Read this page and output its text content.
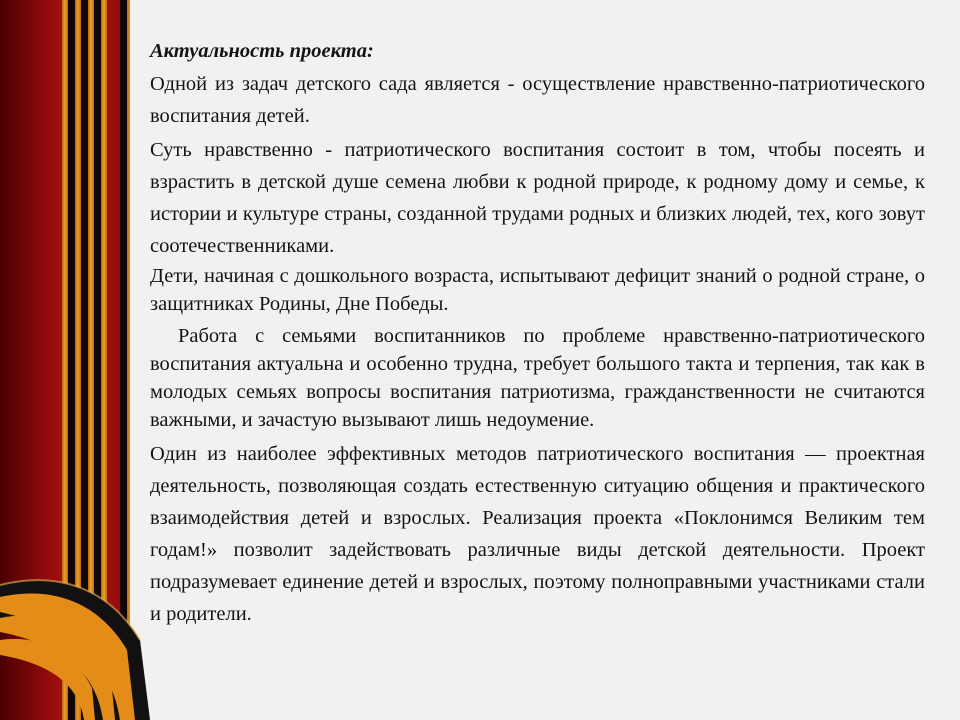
Актуальность проекта:

Одной из задач детского сада является - осуществление нравственно-патриотического воспитания детей.

Суть нравственно - патриотического воспитания состоит в том, чтобы посеять и взрастить в детской душе семена любви к родной природе, к родному дому и семье, к истории и культуре страны, созданной трудами родных и близких людей, тех, кого зовут соотечественниками.

Дети, начиная с дошкольного возраста, испытывают дефицит знаний о родной стране, о защитниках Родины, Дне Победы.

Работа с семьями воспитанников по проблеме нравственно-патриотического воспитания актуальна и особенно трудна, требует большого такта и терпения, так как в молодых семьях вопросы воспитания патриотизма, гражданственности не считаются важными, и зачастую вызывают лишь недоумение.

Один из наиболее эффективных методов патриотического воспитания — проектная деятельность, позволяющая создать естественную ситуацию общения и практического взаимодействия детей и взрослых. Реализация проекта «Поклонимся Великим тем годам!» позволит задействовать различные виды детской деятельности. Проект подразумевает единение детей и взрослых, поэтому полноправными участниками стали и родители.
